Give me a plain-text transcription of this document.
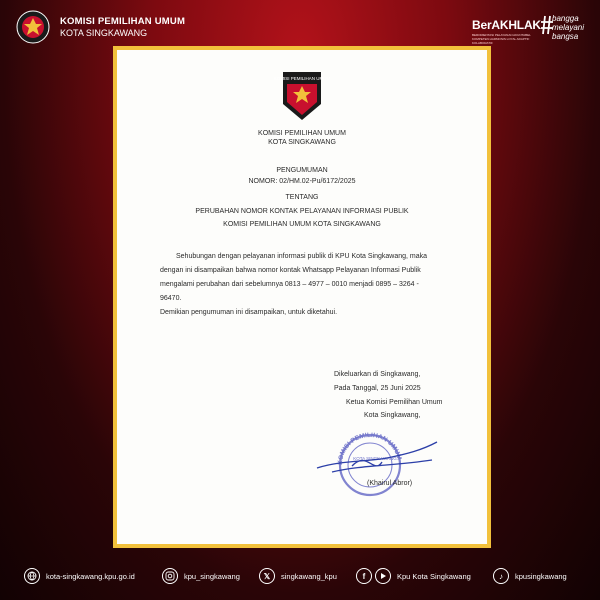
KOMISI PEMILIHAN UMUM
KOTA SINGKAWANG
BerAKHLAK
BERORIENTASI PELAYANAN AKUNTABEL KOMPETEN HARMONIS LOYAL ADAPTIF KOLABORATIF
bangga
melayani
bangsa
KOMISI PEMILIHAN UMUM
KOMISI PEMILIHAN UMUM
KOTA SINGKAWANG
PENGUMUMAN
NOMOR: 02/HM.02-Pu/6172/2025
TENTANG
PERUBAHAN NOMOR KONTAK PELAYANAN INFORMASI PUBLIK
KOMISI PEMILIHAN UMUM KOTA SINGKAWANG
Sehubungan dengan pelayanan informasi publik di KPU Kota Singkawang, maka
dengan ini disampaikan bahwa nomor kontak Whatsapp Pelayanan Informasi Publik
mengalami perubahan dari sebelumnya 0813 – 4977 – 0010 menjadi 0895 – 3264 -
96470.
Demikian pengumuman ini disampaikan, untuk diketahui.
Dikeluarkan di Singkawang,
Pada Tanggal, 25 Juni 2025
Ketua Komisi Pemilihan Umum
Kota Singkawang,
KOMISI PEMILIHAN UMUM
KOTA SINGKAWANG
(Khairul Abror)
kota-singkawang.kpu.go.id	kpu_singkawang	𝕏	singkawang_kpu	f	Kpu Kota Singkawang	♪	kpusingkawang
